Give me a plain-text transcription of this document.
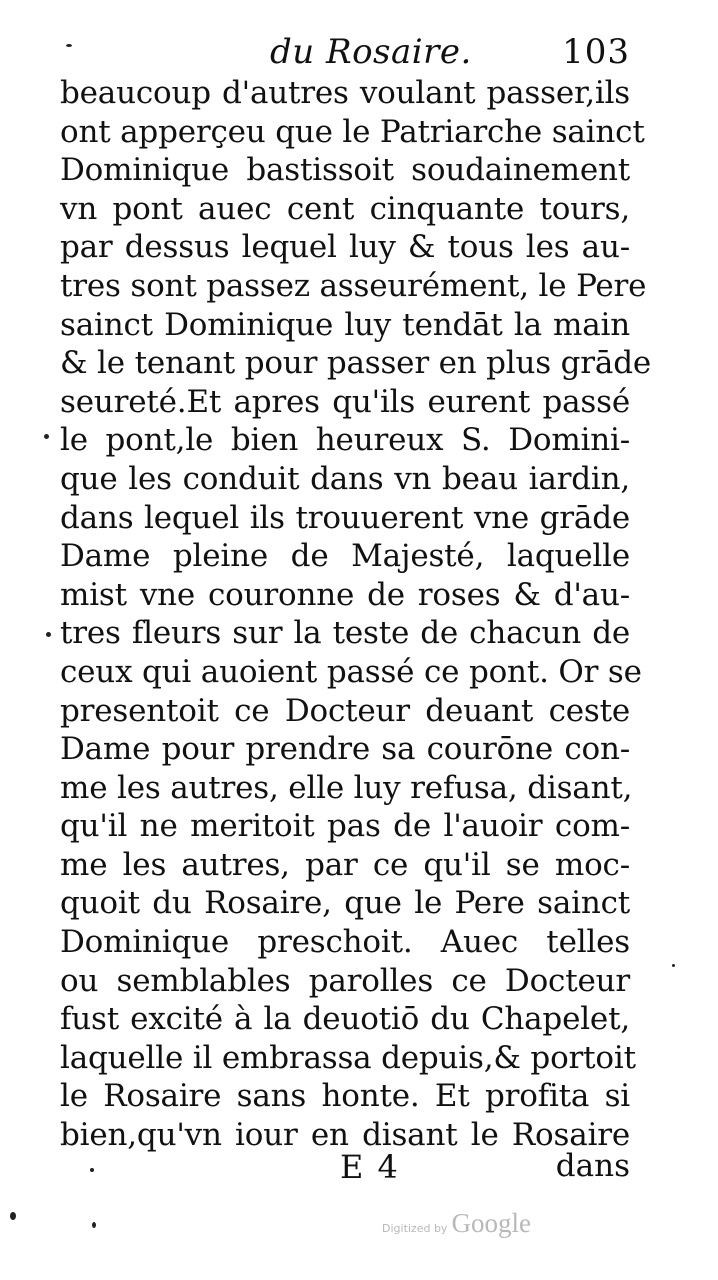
du Rosaire.	103
beaucoup d'autres voulant passer,ils
ont apperçeu que le Patriarche sainct
Dominique bastissoit soudainement
vn pont auec cent cinquante tours,
par dessus lequel luy & tous les au-
tres sont passez asseurément, le Pere
sainct Dominique luy tendāt la main
& le tenant pour passer en plus grāde
seureté.Et apres qu'ils eurent passé
le pont,le bien heureux S. Domini-
que les conduit dans vn beau iardin,
dans lequel ils trouuerent vne grāde
Dame pleine de Majesté, laquelle
mist vne couronne de roses & d'au-
tres fleurs sur la teste de chacun de
ceux qui auoient passé ce pont. Or se
presentoit ce Docteur deuant ceste
Dame pour prendre sa courōne con-
me les autres, elle luy refusa, disant,
qu'il ne meritoit pas de l'auoir com-
me les autres, par ce qu'il se moc-
quoit du Rosaire, que le Pere sainct
Dominique preschoit. Auec telles
ou semblables parolles ce Docteur
fust excité à la deuotiō du Chapelet,
laquelle il embrassa depuis,& portoit
le Rosaire sans honte. Et profita si
bien,qu'vn iour en disant le Rosaire
E 4	dans
Digitized by Google
